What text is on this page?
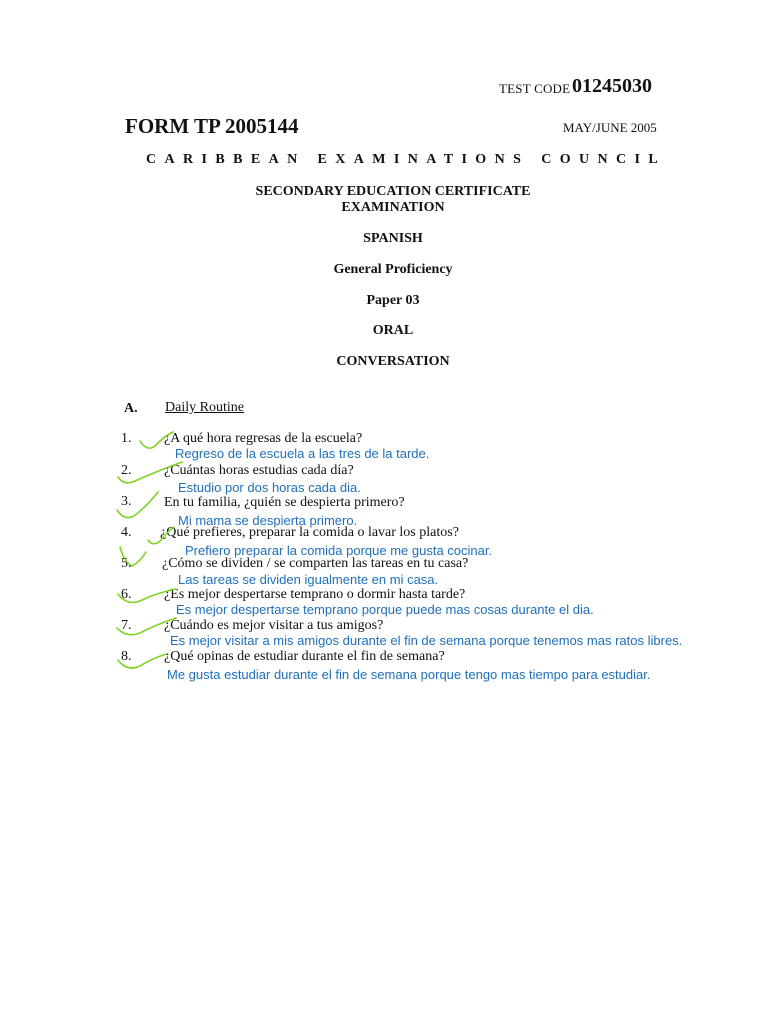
TEST CODE 01245030
FORM TP 2005144	MAY/JUNE 2005
CARIBBEAN EXAMINATIONS COUNCIL
SECONDARY EDUCATION CERTIFICATE
EXAMINATION
SPANISH
General Proficiency
Paper 03
ORAL
CONVERSATION
A. Daily Routine
1. ¿A qué hora regresas de la escuela?
Regreso de la escuela a las tres de la tarde.
2. ¿Cuántas horas estudias cada día?
Estudio por dos horas cada dia.
3. En tu familia, ¿quién se despierta primero?
Mi mama se despierta primero.
4. ¿Qué prefieres, preparar la comida o lavar los platos?
Prefiero preparar la comida porque me gusta cocinar.
5. ¿Cómo se dividen / se comparten las tareas en tu casa?
Las tareas se dividen igualmente en mi casa.
6. ¿Es mejor despertarse temprano o dormir hasta tarde?
Es mejor despertarse temprano porque puede mas cosas durante el dia.
7. ¿Cuándo es mejor visitar a tus amigos?
Es mejor visitar a mis amigos durante el fin de semana porque tenemos mas ratos libres.
8. ¿Qué opinas de estudiar durante el fin de semana?
Me gusta estudiar durante el fin de semana porque tengo mas tiempo para estudiar.
